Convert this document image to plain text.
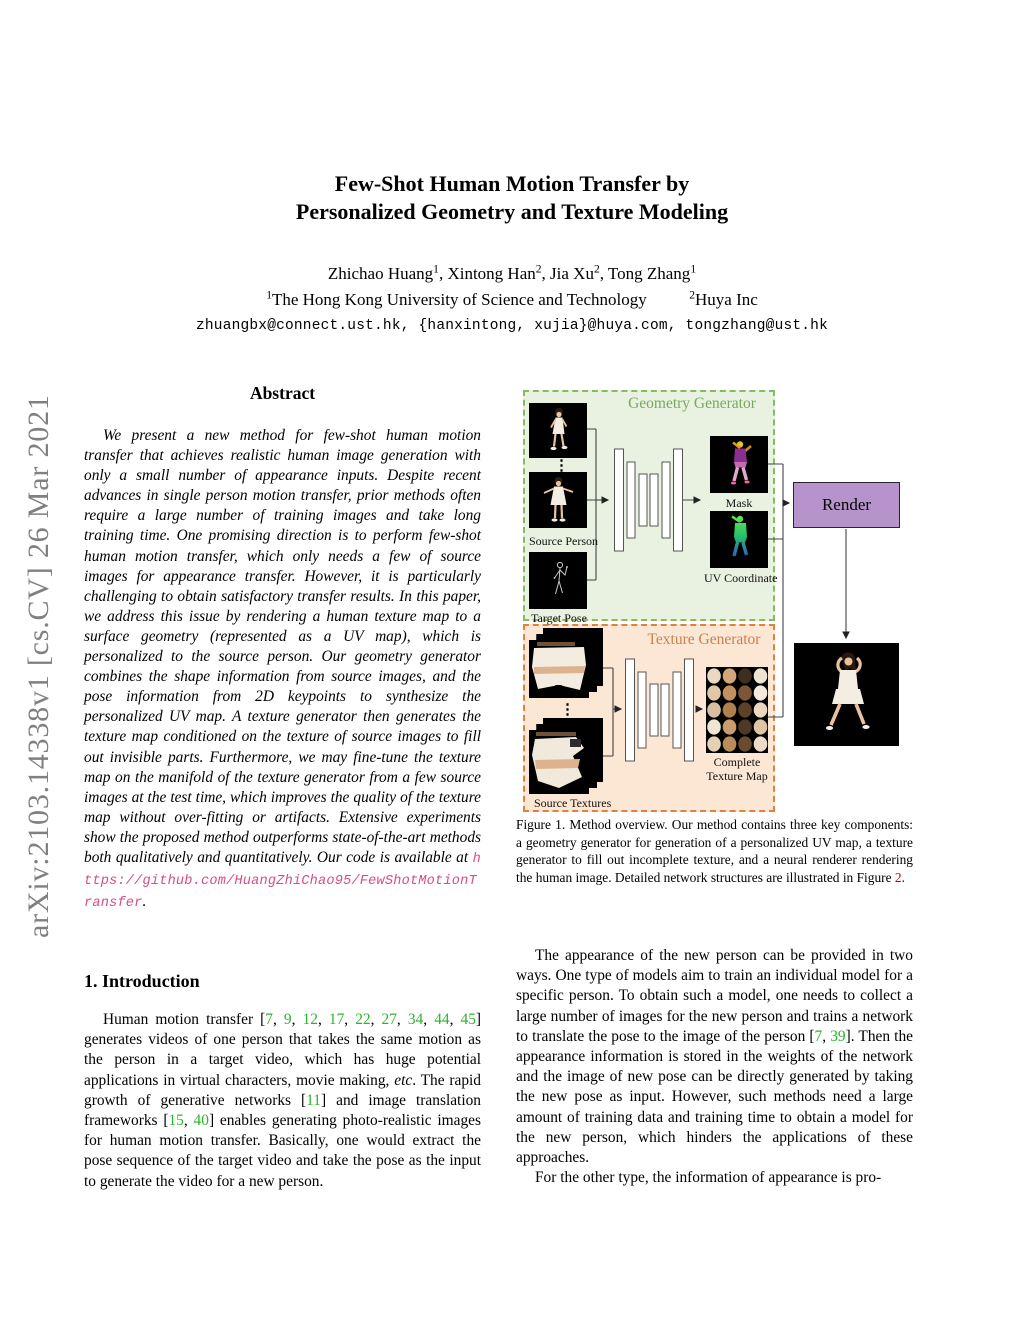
arXiv:2103.14338v1 [cs.CV] 26 Mar 2021
Few-Shot Human Motion Transfer by
Personalized Geometry and Texture Modeling
Zhichao Huang$^1$, Xintong Han$^2$, Jia Xu$^2$, Tong Zhang$^1$
$^1$The Hong Kong University of Science and Technology	$^2$Huya Inc
zhuangbx@connect.ust.hk, {hanxintong, xujia}@huya.com, tongzhang@ust.hk
Abstract

We present a new method for few-shot human motion transfer that achieves realistic human image generation with only a small number of appearance inputs. Despite recent advances in single person motion transfer, prior methods often require a large number of training images and take long training time. One promising direction is to perform few-shot human motion transfer, which only needs a few of source images for appearance transfer. However, it is particularly challenging to obtain satisfactory transfer results. In this paper, we address this issue by rendering a human texture map to a surface geometry (represented as a UV map), which is personalized to the source person. Our geometry generator combines the shape information from source images, and the pose information from 2D keypoints to synthesize the personalized UV map. A texture generator then generates the texture map conditioned on the texture of source images to fill out invisible parts. Furthermore, we may fine-tune the texture map on the manifold of the texture generator from a few source images at the test time, which improves the quality of the texture map without over-fitting or artifacts. Extensive experiments show the proposed method outperforms state-of-the-art methods both qualitatively and quantitatively. Our code is available at https://github.com/HuangZhiChao95/FewShotMotionTransfer.

1. Introduction

Human motion transfer [7, 9, 12, 17, 22, 27, 34, 44, 45] generates videos of one person that takes the same motion as the person in a target video, which has huge potential applications in virtual characters, movie making, etc. The rapid growth of generative networks [11] and image translation frameworks [15, 40] enables generating photo-realistic images for human motion transfer. Basically, one would extract the pose sequence of the target video and take the pose as the input to generate the video for a new person.

Geometry Generator
Texture Generator
⋮
Source Person
Target Pose
Mask
UV Coordinate
Render
⋮
Source Textures
Complete
Texture Map

Figure 1. Method overview. Our method contains three key components: a geometry generator for generation of a personalized UV map, a texture generator to fill out incomplete texture, and a neural renderer rendering the human image. Detailed network structures are illustrated in Figure 2.

The appearance of the new person can be provided in two ways. One type of models aim to train an individual model for a specific person. To obtain such a model, one needs to collect a large number of images for the new person and trains a network to translate the pose to the image of the person [7, 39]. Then the appearance information is stored in the weights of the network and the image of new pose can be directly generated by taking the new pose as input. However, such methods need a large amount of training data and training time to obtain a model for the new person, which hinders the applications of these approaches.

For the other type, the information of appearance is pro-
